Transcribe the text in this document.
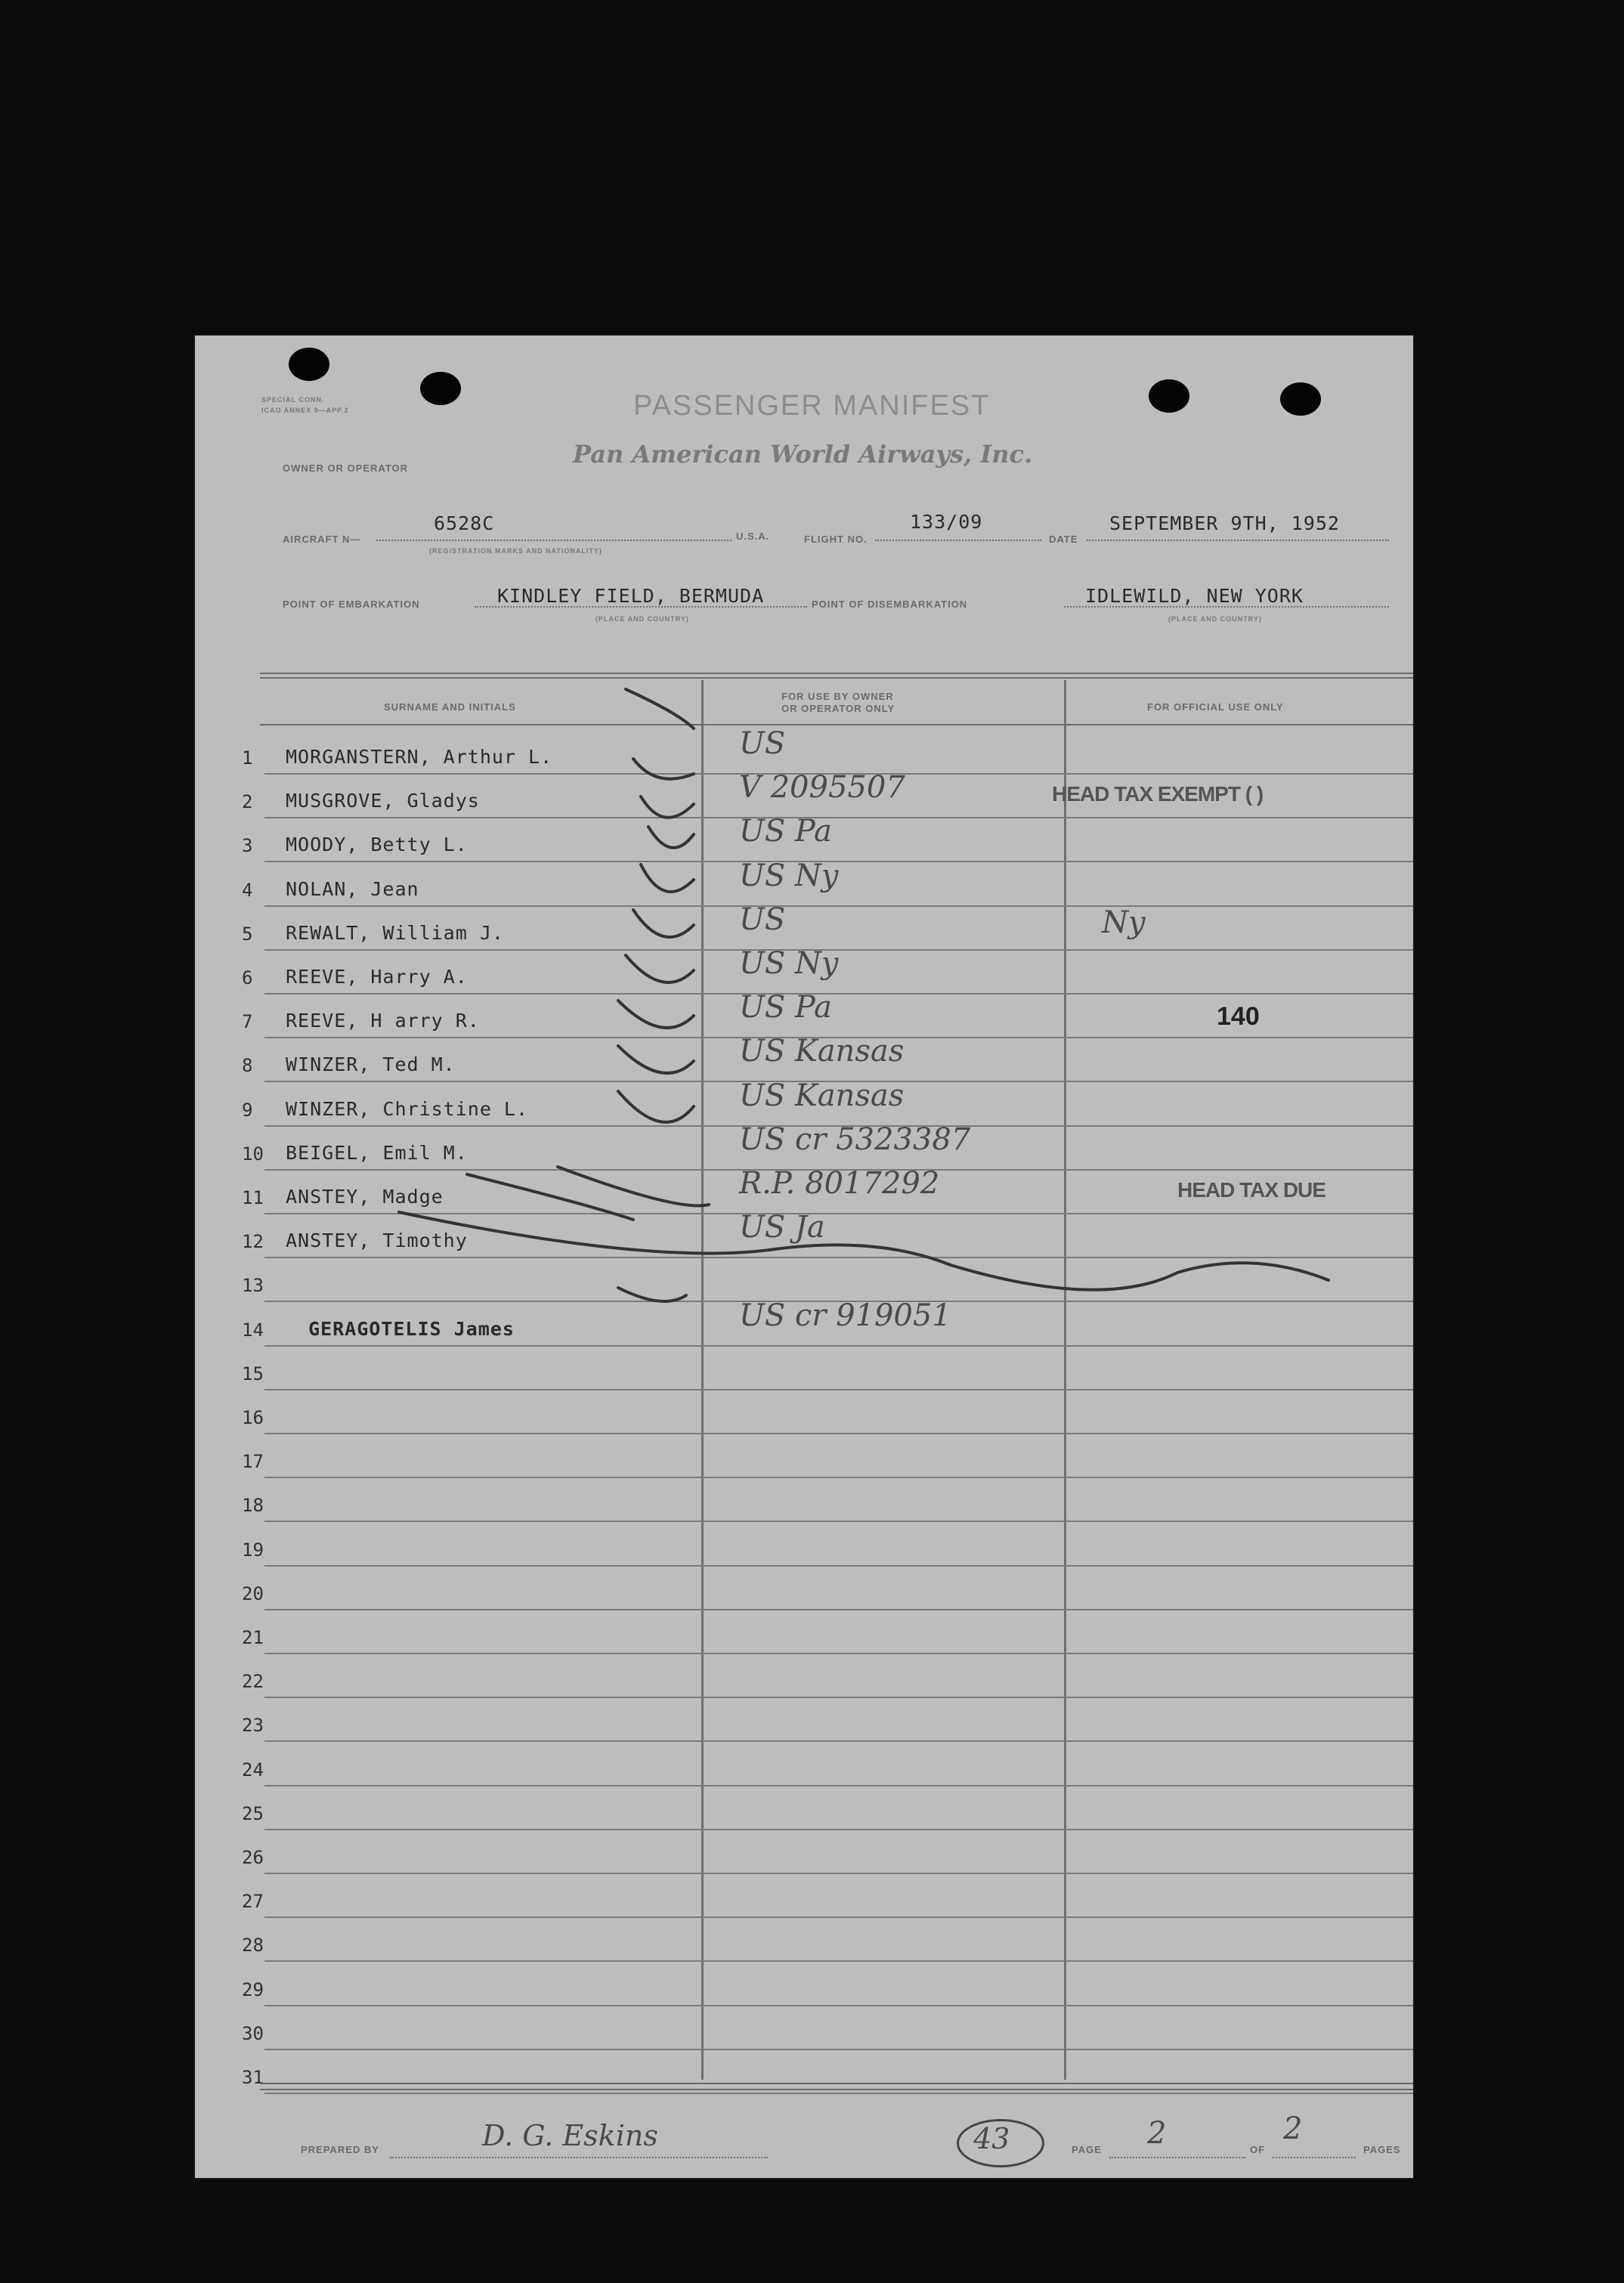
SPECIAL CONN.
ICAO ANNEX 9—APP.2	PASSENGER MANIFEST
OWNER OR OPERATOR	Pan American World Airways, Inc.
AIRCRAFT N—
6528C
(REGISTRATION MARKS AND NATIONALITY)
U.S.A.	FLIGHT NO.
133/09
DATE
SEPTEMBER 9TH, 1952
POINT OF EMBARKATION	KINDLEY FIELD, BERMUDA
(PLACE AND COUNTRY)
POINT OF DISEMBARKATION	IDLEWILD, NEW YORK
(PLACE AND COUNTRY)
SURNAME AND INITIALS
FOR USE BY OWNER
OR OPERATOR ONLY	FOR OFFICIAL USE ONLY
1	MORGANSTERN, Arthur L.	US
2	MUSGROVE, Gladys	V 2095507	HEAD TAX EXEMPT ( )
3	MOODY, Betty L.	US Pa
4	NOLAN, Jean	US Ny
5	REWALT, William J.	US	Ny
6	REEVE, Harry A.	US Ny
7	REEVE, H arry R.	US Pa	140
8	WINZER, Ted M.	US Kansas
9	WINZER, Christine L.	US Kansas
10	BEIGEL, Emil M.	US cr 5323387
11	ANSTEY, Madge	R.P. 8017292	HEAD TAX DUE
12	ANSTEY, Timothy	US Ja
13
14	GERAGOTELIS James	US cr 919051
15
16
17
18
19
20
21
22
23
24
25
26
27
28
29
30
31
PREPARED BY	D. G. Eskins	43	PAGE 2	OF
2
PAGES
